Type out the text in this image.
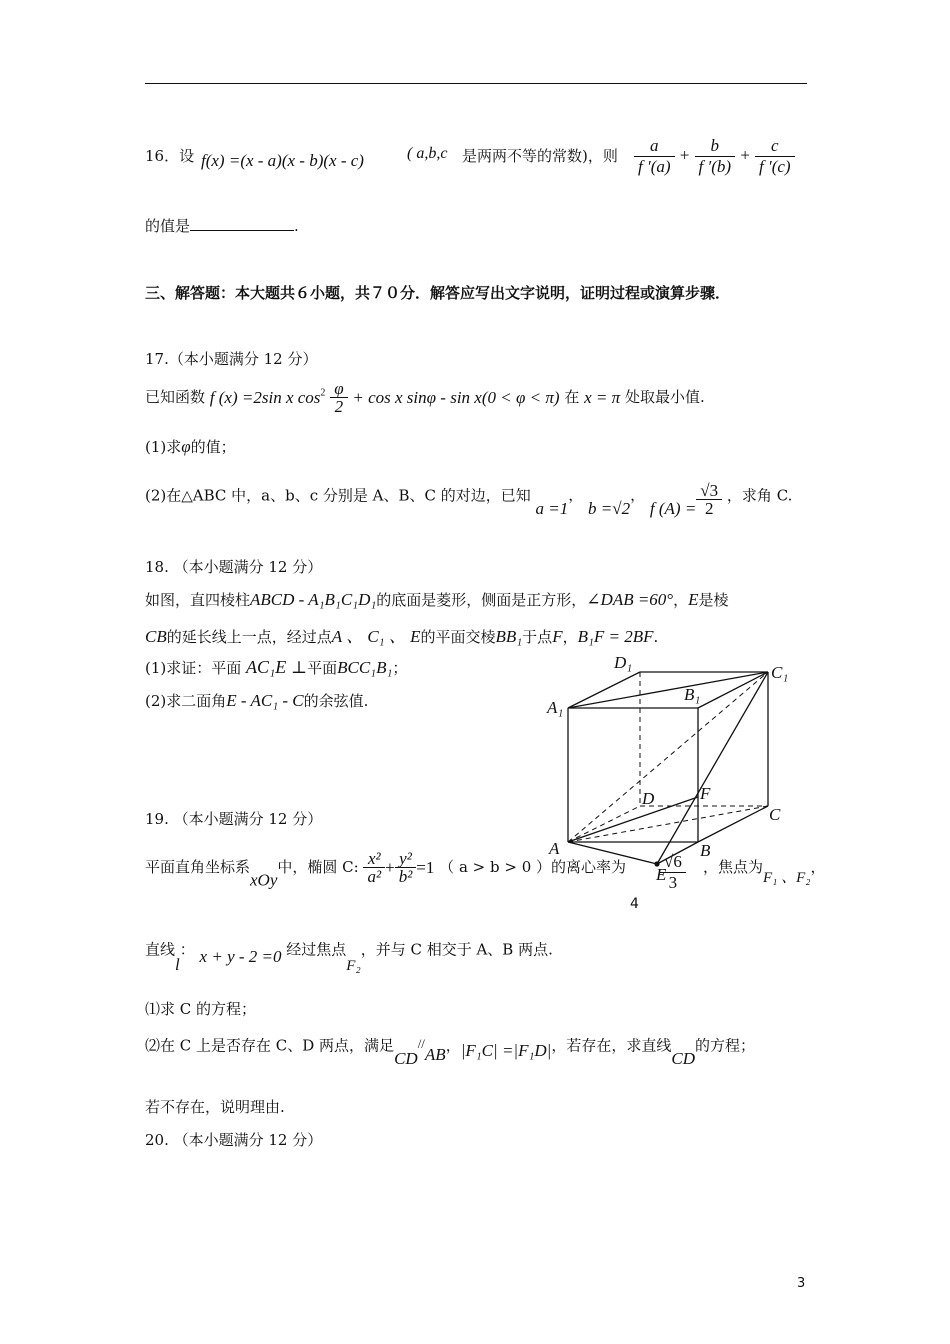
16．设 f(x) =(x - a)(x - b)(x - c)	( a,b,c 是两两不等的常数)，则 $\frac{a}{f '(a)} + \frac{b}{f '(b)} + \frac{c}{f '(c)}$
的值是	.
三、解答题：本大题共６小题，共７０分．解答应写出文字说明，证明过程或演算步骤．
17.（本小题满分 12 分）
已知函数 f (x) =2sin x $\cos^2 \frac{\varphi}{2} + \cos x$ sinφ - sin x(0 < φ < π) 在 x = π 处取最小值.
(1)求φ的值；
(2)在△ABC 中，a、b、c 分别是 A、B、C 的对边，已知 a =1， b =√2， f $(A) = \frac{√3}{2}$ ，求角 C.
18. （本小题满分 12 分）
如图，直四棱柱ABCD - A₁B₁C₁D₁的底面是菱形，侧面是正方形，∠DAB =60°，E是棱
CB的延长线上一点，经过点A 、 C₁ 、 E的平面交棱BB₁于点F，B₁F = 2BF.
(1)求证：平面 AC₁E ⊥平面BCC₁B₁；
(2)求二面角E - AC₁ - C的余弦值.
D₁
C₁
B₁
A₁
D	F
C
A	B
E
19. （本小题满分 12 分）
平面直角坐标系xOy中，椭圆 C: $\frac{\text{x²}}{\text{a²}} + \frac{\text{y²}}{\text{b²}} =1$ （ a > b > 0 ）的离心率为 $\frac{√6}{3}$ ，焦点为F₁ 、F₂，
4
直线l： x + y - 2 =0 经过焦点F₂，并与 C 相交于 A、B 两点.
⑴求 C 的方程；
⑵在 C 上是否存在 C、D 两点，满足CD//AB，|F₁C| =|F₁D|，若存在，求直线CD的方程；
若不存在，说明理由.
20. （本小题满分 12 分）
3
